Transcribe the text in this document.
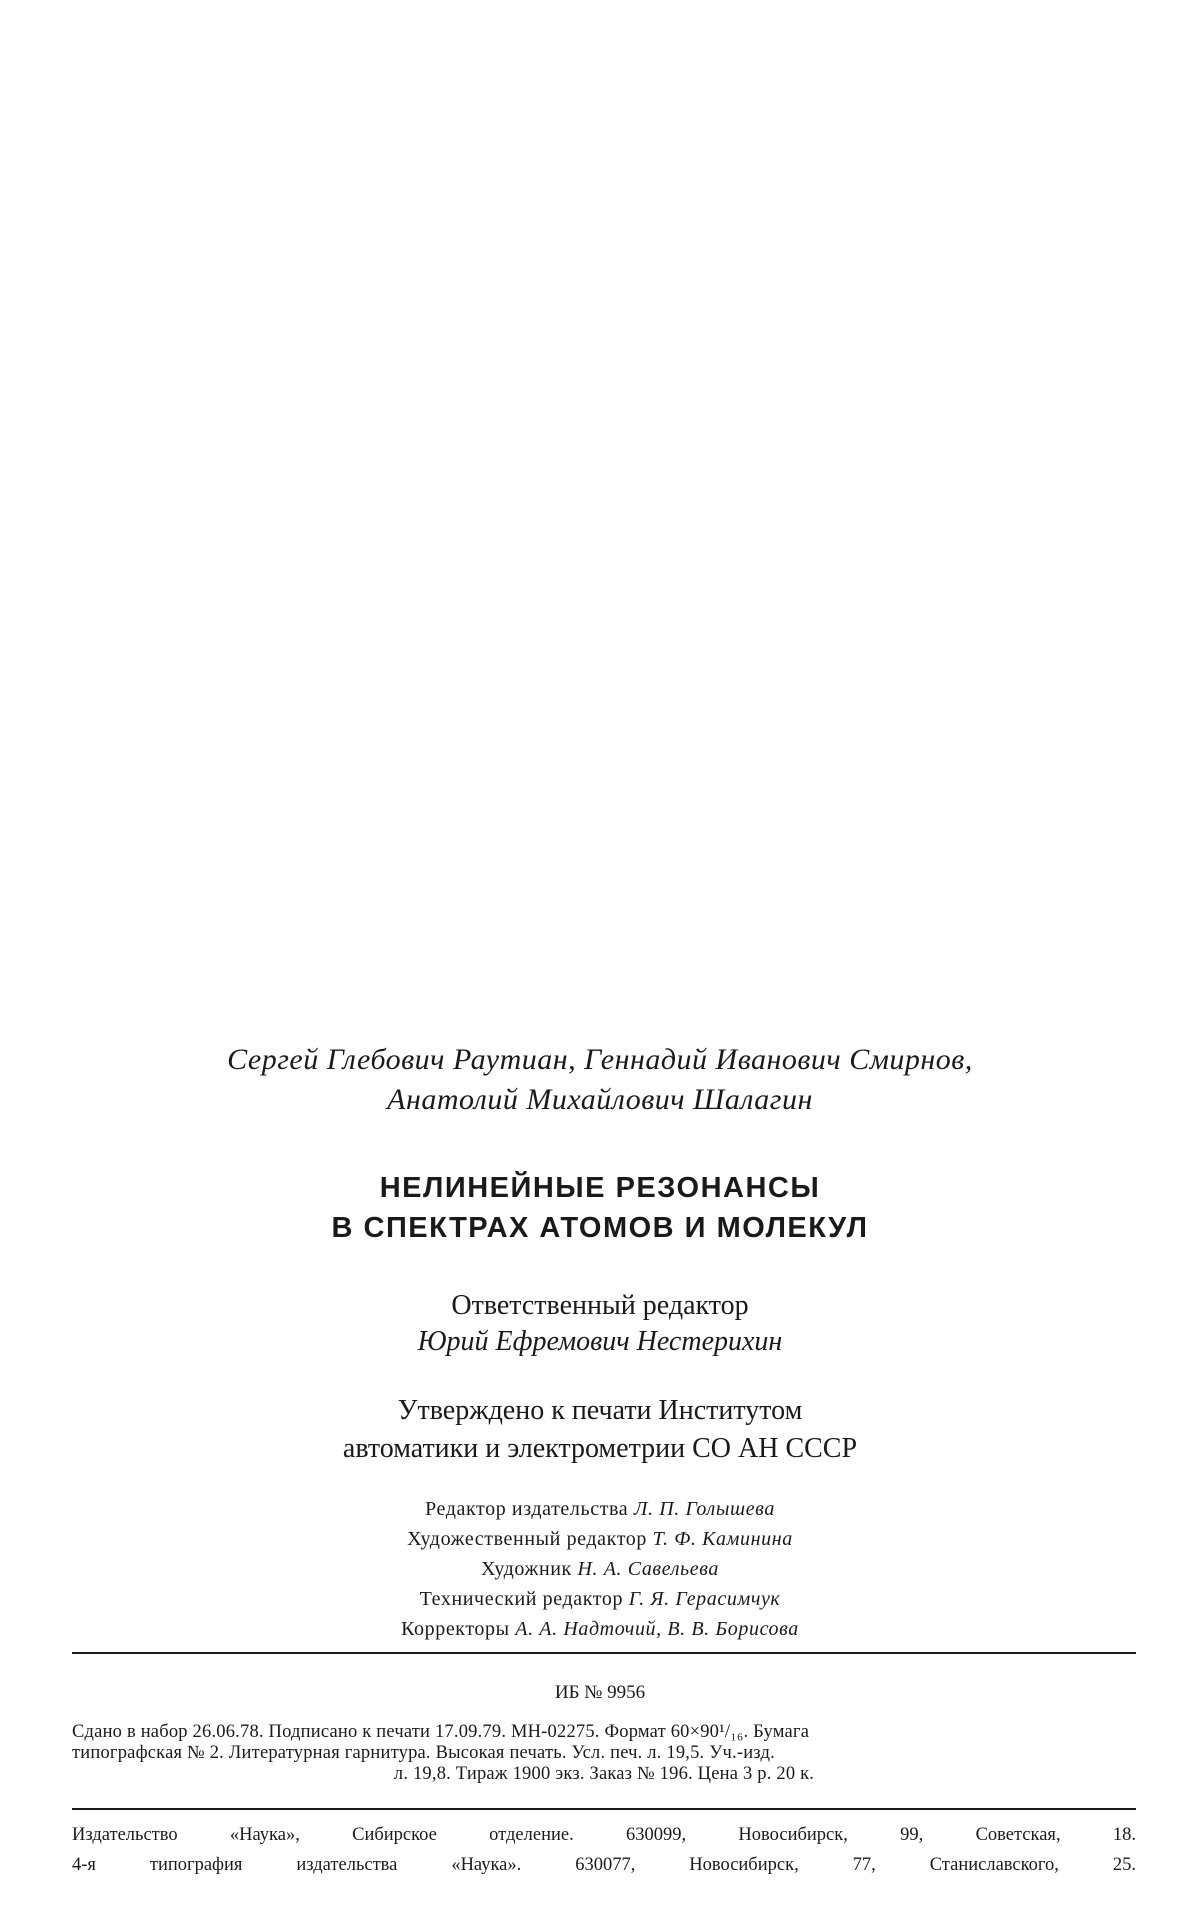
Сергей Глебович Раутиан, Геннадий Иванович Смирнов,
Анатолий Михайлович Шалагин
НЕЛИНЕЙНЫЕ РЕЗОНАНСЫ
В СПЕКТРАХ АТОМОВ И МОЛЕКУЛ
Ответственный редактор
Юрий Ефремович Нестерихин
Утверждено к печати Институтом
автоматики и электрометрии СО АН СССР
Редактор издательства Л. П. Голышева
Художественный редактор Т. Ф. Каминина
Художник Н. А. Савельева
Технический редактор Г. Я. Герасимчук
Корректоры А. А. Надточий, В. В. Борисова
ИБ № 9956
Сдано в набор 26.06.78. Подписано к печати 17.09.79. МН-02275. Формат 60×90¹/₁₆. Бумага
типографская № 2. Литературная гарнитура. Высокая печать. Усл. печ. л. 19,5. Уч.-изд.
л. 19,8. Тираж 1900 экз. Заказ № 196. Цена 3 р. 20 к.
Издательство «Наука», Сибирское отделение. 630099, Новосибирск, 99, Советская, 18.
4-я типография издательства «Наука». 630077, Новосибирск, 77, Станиславского, 25.
